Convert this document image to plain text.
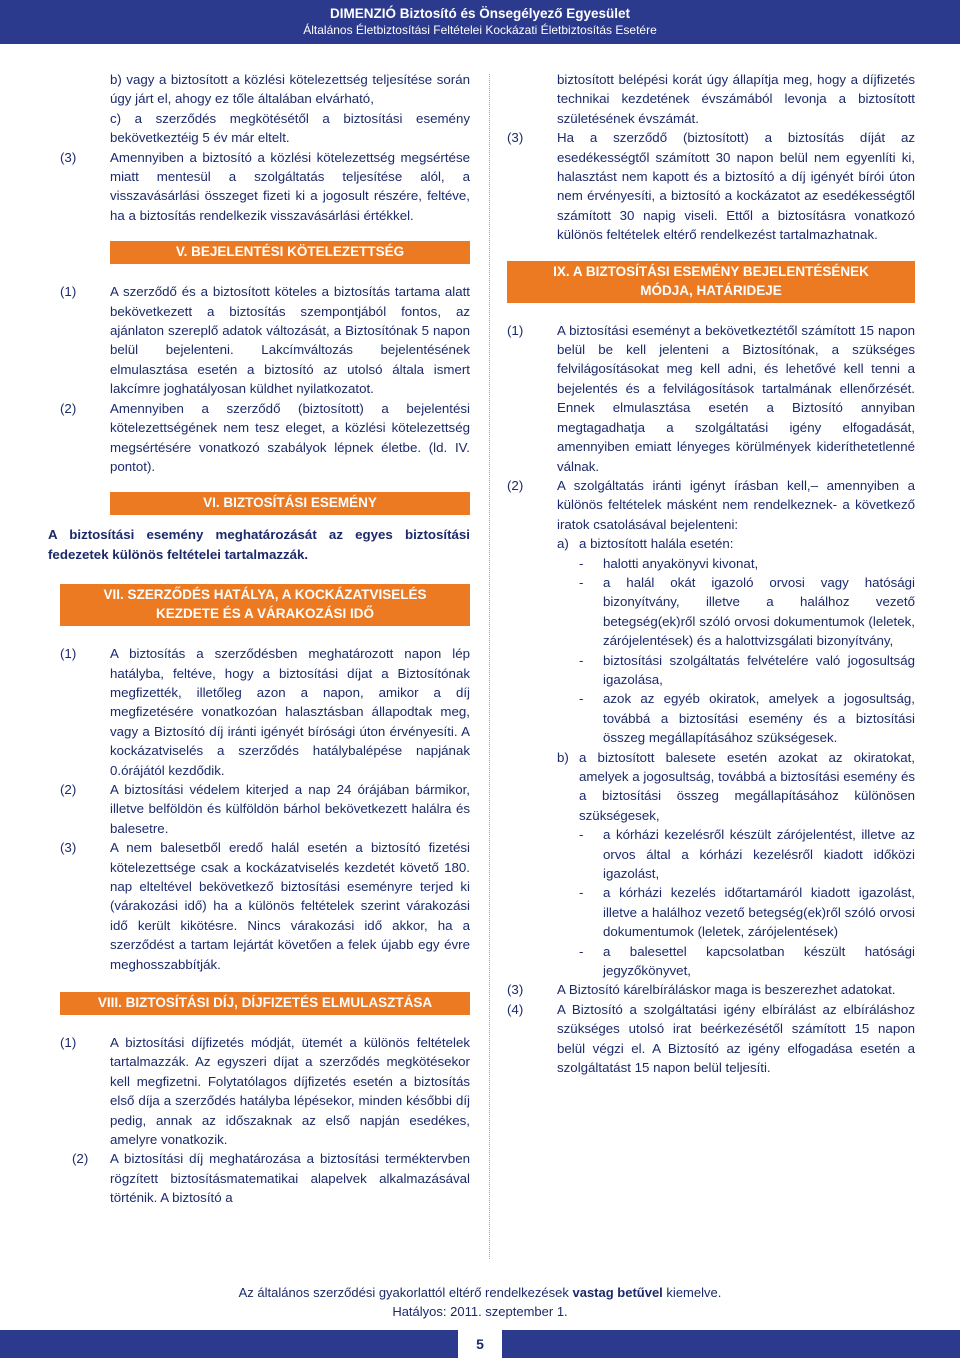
DIMENZIÓ Biztosító és Önsegélyező Egyesület
Általános Életbiztosítási Feltételei Kockázati Életbiztosítás Esetére

b) vagy a biztosított a közlési kötelezettség teljesítése során úgy járt el, ahogy ez tőle általában elvárható,

c) a szerződés megkötésétől a biztosítási esemény bekövetkeztéig 5 év már eltelt.

(3)	Amennyiben a biztosító a közlési kötelezettség megsértése miatt mentesül a szolgáltatás teljesítése alól, a visszavásárlási összeget fizeti ki a jogosult részére, feltéve, ha a biztosítás rendelkezik visszavásárlási értékkel.
V. BEJELENTÉSI KÖTELEZETTSÉG
(1)	A szerződő és a biztosított köteles a biztosítás tartama alatt bekövetkezett a biztosítás szempontjából fontos, az ajánlaton szereplő adatok változását, a Biztosítónak 5 napon belül bejelenteni. Lakcímváltozás bejelentésének elmulasztása esetén a biztosító az utolsó általa ismert lakcímre joghatályosan küldhet nyilatkozatot.
(2)	Amennyiben a szerződő (biztosított) a bejelentési kötelezettségének nem tesz eleget, a közlési kötelezettség megsértésére vonatkozó szabályok lépnek életbe. (ld. IV. pontot).
VI. BIZTOSÍTÁSI ESEMÉNY
A biztosítási esemény meghatározását az egyes biztosítási fedezetek különös feltételei tartalmazzák.
VII. SZERZŐDÉS HATÁLYA, A KOCKÁZATVISELÉS
KEZDETE ÉS A VÁRAKOZÁSI IDŐ
(1)	A biztosítás a szerződésben meghatározott napon lép hatályba, feltéve, hogy a biztosítási díjat a Biztosítónak megfizették, illetőleg azon a napon, amikor a díj megfizetésére vonatkozóan halasztásban állapodtak meg, vagy a Biztosító díj iránti igényét bírósági úton érvényesíti. A kockázatviselés a szerződés hatálybalépése napjának 0.órájától kezdődik.
(2)	A biztosítási védelem kiterjed a nap 24 órájában bármikor, illetve belföldön és külföldön bárhol bekövetkezett halálra és balesetre.
(3)	A nem balesetből eredő halál esetén a biztosító fizetési kötelezettsége csak a kockázatviselés kezdetét követő 180. nap elteltével bekövetkező biztosítási eseményre terjed ki (várakozási idő) ha a különös feltételek szerint várakozási idő került kikötésre. Nincs várakozási idő akkor, ha a szerződést a tartam lejártát követően a felek újabb egy évre meghosszabbítják.
VIII. BIZTOSÍTÁSI DÍJ, DÍJFIZETÉS ELMULASZTÁSA
(1)	A biztosítási díjfizetés módját, ütemét a különös feltételek tartalmazzák. Az egyszeri díjat a szerződés megkötésekor kell megfizetni. Folytatólagos díjfizetés esetén a biztosítás első díja a szerződés hatályba lépésekor, minden későbbi díj pedig, annak az időszaknak az első napján esedékes, amelyre vonatkozik.
(2) A biztosítási díj meghatározása a biztosítási terméktervben rögzített biztosításmatematikai alapelvek alkalmazásával történik. A biztosító a

biztosított belépési korát úgy állapítja meg, hogy a díjfizetés technikai kezdetének évszámából levonja a biztosított születésének évszámát.

(3)	Ha a szerződő (biztosított) a biztosítás díját az esedékességtől számított 30 napon belül nem egyenlíti ki, halasztást nem kapott és a biztosító a díj igényét bírói úton nem érvényesíti, a biztosító a kockázatot az esedékességtől számított 30 napig viseli. Ettől a biztosításra vonatkozó különös feltételek eltérő rendelkezést tartalmazhatnak.
IX. A BIZTOSÍTÁSI ESEMÉNY BEJELENTÉSÉNEK
MÓDJA, HATÁRIDEJE
(1)	A biztosítási eseményt a bekövetkeztétől számított 15 napon belül be kell jelenteni a Biztosítónak, a szükséges felvilágosításokat meg kell adni, és lehetővé kell tenni a bejelentés és a felvilágosítások tartalmának ellenőrzését. Ennek elmulasztása esetén a Biztosító annyiban megtagadhatja a szolgáltatási igény elfogadását, amennyiben emiatt lényeges körülmények kideríthetetlenné válnak.
(2)	A szolgáltatás iránti igényt írásban kell,– amennyiben a különös feltételek másként nem rendelkeznek- a következő iratok csatolásával bejelenteni:
a) a biztosított halála esetén:
- halotti anyakönyvi kivonat,
- a halál okát igazoló orvosi vagy hatósági bizonyítvány, illetve a halálhoz vezető betegség(ek)ről szóló orvosi dokumentumok (leletek, zárójelentések) és a halottvizsgálati bizonyítvány,
- biztosítási szolgáltatás felvételére való jogosultság igazolása,
- azok az egyéb okiratok, amelyek a jogosultság, továbbá a biztosítási esemény és a biztosítási összeg megállapításához szükségesek.
b) a biztosított balesete esetén azokat az okiratokat, amelyek a jogosultság, továbbá a biztosítási esemény és a biztosítási összeg megállapításához különösen szükségesek,
- a kórházi kezelésről készült zárójelentést, illetve az orvos által a kórházi kezelésről kiadott időközi igazolást,
- a kórházi kezelés időtartamáról kiadott igazolást, illetve a halálhoz vezető betegség(ek)ről szóló orvosi dokumentumok (leletek, zárójelentések)
- a balesettel kapcsolatban készült hatósági jegyzőkönyvet,
(3)	A Biztosító kárelbíráláskor maga is beszerezhet adatokat.
(4)	A Biztosító a szolgáltatási igény elbírálást az elbíráláshoz szükséges utolsó irat beérkezésétől számított 15 napon belül végzi el. A Biztosító az igény elfogadása esetén a szolgáltatást 15 napon belül teljesíti.
Az általános szerződési gyakorlattól eltérő rendelkezések vastag betűvel kiemelve.
Hatályos: 2011. szeptember 1.
5
